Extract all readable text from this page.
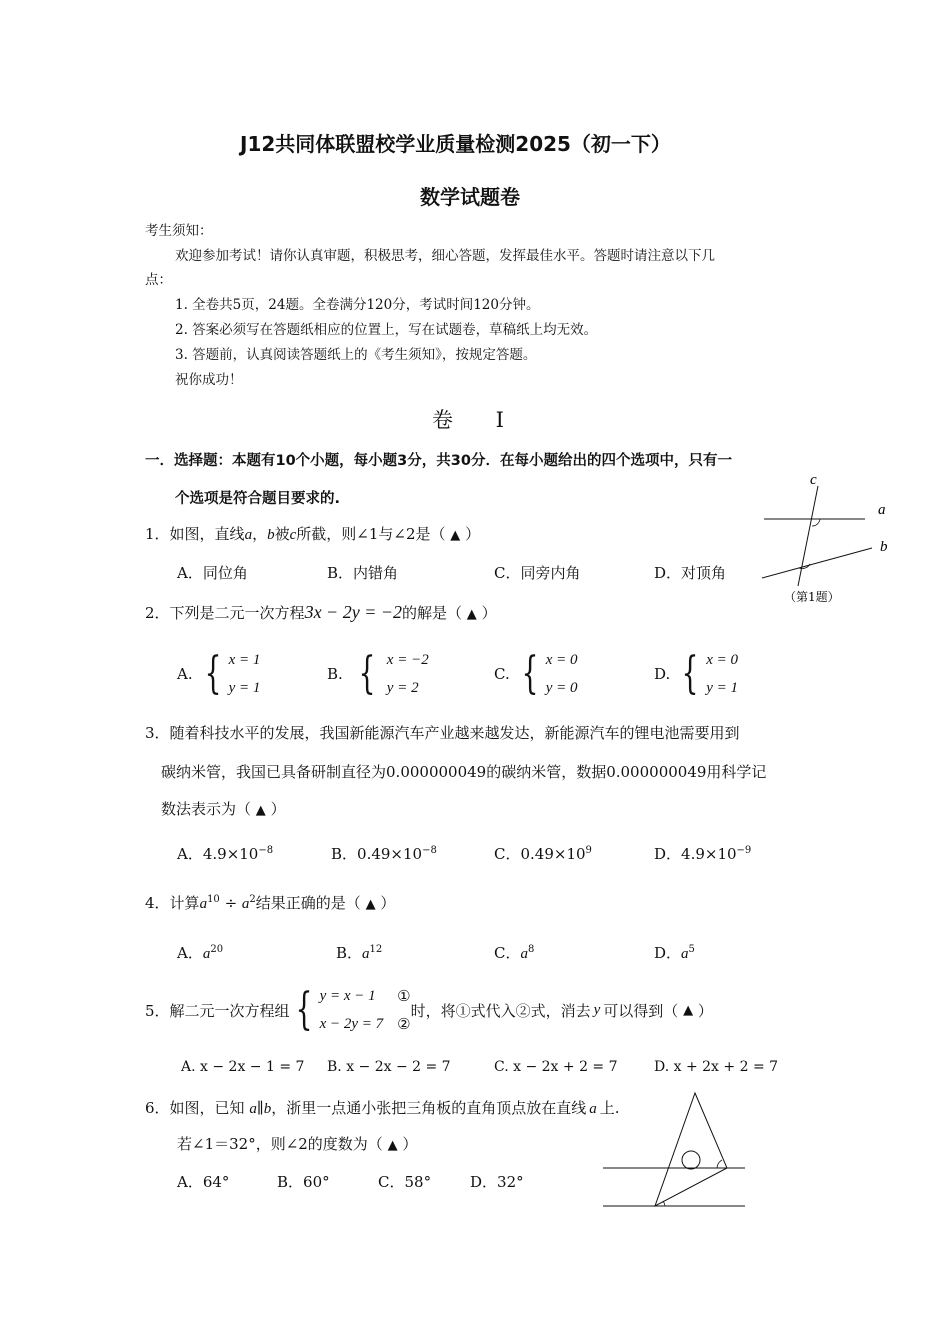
J12共同体联盟校学业质量检测2025（初一下）
数学试题卷
考生须知：
欢迎参加考试！请你认真审题，积极思考，细心答题，发挥最佳水平。答题时请注意以下几
点：
1. 全卷共5页，24题。全卷满分120分，考试时间120分钟。
2. 答案必须写在答题纸相应的位置上，写在试题卷，草稿纸上均无效。
3. 答题前，认真阅读答题纸上的《考生须知》，按规定答题。
祝你成功！
卷 I
一．选择题：本题有10个小题，每小题3分，共30分．在每小题给出的四个选项中，只有一
个选项是符合题目要求的.
c
a
b
（第1题）
1．如图，直线a，b被c所截，则∠1与∠2是（ ▲ ）
A．同位角	B．内错角	C．同旁内角	D．对顶角
2．下列是二元一次方程3x − 2y = −2的解是（ ▲ ）
A. { x = 1
y = 1
B. { x = −2
y = 2
C. { x = 0
y = 0
D. { x = 0
y = 1
3．随着科技水平的发展，我国新能源汽车产业越来越发达，新能源汽车的锂电池需要用到
碳纳米管，我国已具备研制直径为0.000000049的碳纳米管，数据0.000000049用科学记
数法表示为（ ▲ ）
A．$4.9\times 10^{-8}$	B．$0.49\times 10^{-8}$	C．$0.49\times 10^9$	D．$4.9\times 10^{-9}$
4．计算$a^{10} \div a^2$结果正确的是（ ▲ ）
A．$a^{20}$	B．$a^{12}$	C．$a^8$	D．$a^5$
5． 解二元一次方程组 { y = x − 1
x − 2y = 7
①
②
时，将①式代入②式，消去 y 可以得到（
▲
）
A. x − 2x − 1 = 7 B. x − 2x − 2 = 7	C. x − 2x + 2 = 7	D. x + 2x + 2 = 7
6．如图，已知 a∥b，浙里一点通小张把三角板的直角顶点放在直线 a 上.
若∠1＝32°，则∠2的度数为（ ▲ ）
A．64°	B．60°	C．58°	D．32°
